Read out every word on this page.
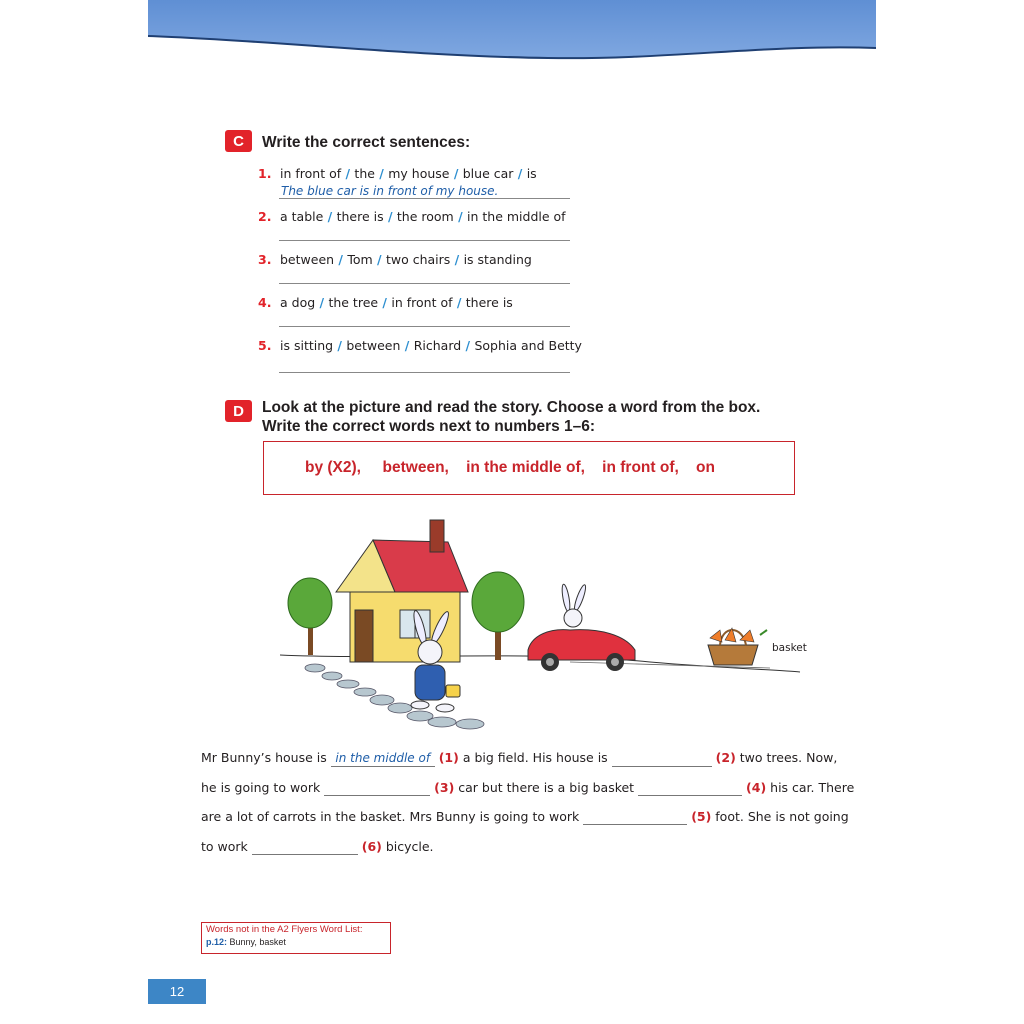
C Write the correct sentences:
1. in front of / the / my house / blue car / is
The blue car is in front of my house.
2. a table / there is / the room / in the middle of
3. between / Tom / two chairs / is standing
4. a dog / the tree / in front of / there is
5. is sitting / between / Richard / Sophia and Betty
D Look at the picture and read the story. Choose a word from the box.
Write the correct words next to numbers 1–6:
by (X2),
between,
in the middle of,
in front of,
on
basket
Mr Bunny’s house is in the middle of (1) a big field. His house is	(2) two trees. Now,
he is going to work	(3) car but there is a big basket	(4) his car. There
are a lot of carrots in the basket. Mrs Bunny is going to work	(5) foot. She is not going
to work	(6) bicycle.
Words not in the A2 Flyers Word List:
p.12: Bunny, basket
12
